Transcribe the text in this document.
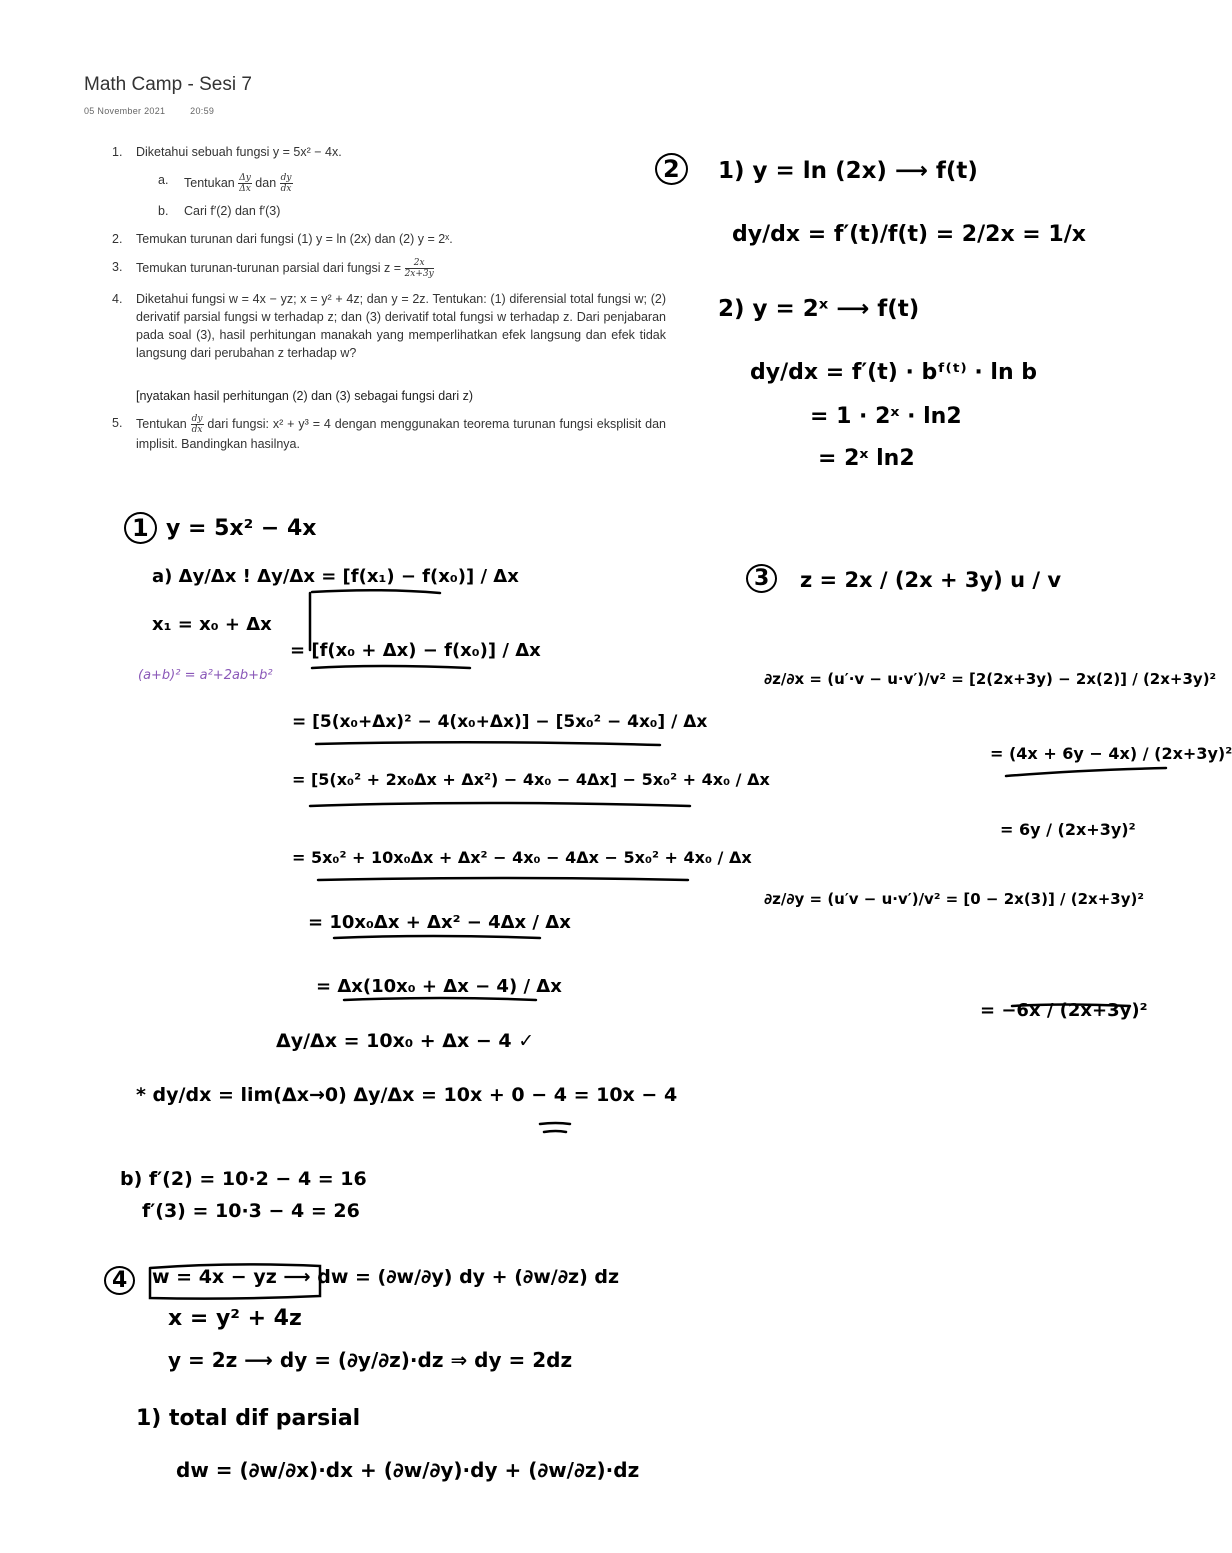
Math Camp - Sesi 7
05 November 2021	20:59
1. Diketahui sebuah fungsi y = 5x² − 4x.
a. Tentukan $\frac{\Delta y}{\Delta x}$ dan $\frac{dy}{dx}$
b. Cari f′(2) dan f′(3)
2. Temukan turunan dari fungsi (1) y = ln (2x) dan (2) y = 2ˣ.
3. Temukan turunan-turunan parsial dari fungsi $z = \frac{2x}{2x+3y}$
4. Diketahui fungsi w = 4x − yz; x = y² + 4z; dan y = 2z. Tentukan: (1) diferensial total fungsi w; (2) derivatif parsial fungsi w terhadap z; dan (3) derivatif total fungsi w terhadap z. Dari penjabaran pada soal (3), hasil perhitungan manakah yang memperlihatkan efek langsung dan efek tidak langsung dari perubahan z terhadap w?
[nyatakan hasil perhitungan (2) dan (3) sebagai fungsi dari z)
5. Tentukan $\frac{dy}{dx}$ dari fungsi: x² + y³ = 4 dengan menggunakan teorema turunan fungsi eksplisit dan implisit. Bandingkan hasilnya.
2	1) y = ln (2x) ⟶ f(t)
dy/dx = f′(t)/f(t) = 2/2x = 1/x
2) y = 2ˣ ⟶ f(t)
dy/dx = f′(t) · bᶠ⁽ᵗ⁾ · ln b
= 1 · 2ˣ · ln2
= 2ˣ ln2
1 y = 5x² − 4x
a) Δy/Δx ! Δy/Δx = [f(x₁) − f(x₀)] / Δx
x₁ = x₀ + Δx
= [f(x₀ + Δx) − f(x₀)] / Δx
(a+b)² = a²+2ab+b²
= [5(x₀+Δx)² − 4(x₀+Δx)] − [5x₀² − 4x₀] / Δx
= [5(x₀² + 2x₀Δx + Δx²) − 4x₀ − 4Δx] − 5x₀² + 4x₀ / Δx
= 5x₀² + 10x₀Δx + Δx² − 4x₀ − 4Δx − 5x₀² + 4x₀ / Δx
= 10x₀Δx + Δx² − 4Δx / Δx
= Δx(10x₀ + Δx − 4) / Δx
Δy/Δx = 10x₀ + Δx − 4 ✓
* dy/dx = lim(Δx→0) Δy/Δx = 10x + 0 − 4 = 10x − 4
b) f′(2) = 10·2 − 4 = 16
f′(3) = 10·3 − 4 = 26
3	z = 2x / (2x + 3y) u / v
∂z/∂x = (u′·v − u·v′)/v² = [2(2x+3y) − 2x(2)] / (2x+3y)²
= (4x + 6y − 4x) / (2x+3y)²
= 6y / (2x+3y)²
∂z/∂y = (u′v − u·v′)/v² = [0 − 2x(3)] / (2x+3y)²
= −6x / (2x+3y)²
4	w = 4x − yz ⟶ dw = (∂w/∂y) dy + (∂w/∂z) dz
x = y² + 4z
y = 2z ⟶ dy = (∂y/∂z)·dz ⇒ dy = 2dz
1) total dif parsial
dw = (∂w/∂x)·dx + (∂w/∂y)·dy + (∂w/∂z)·dz
